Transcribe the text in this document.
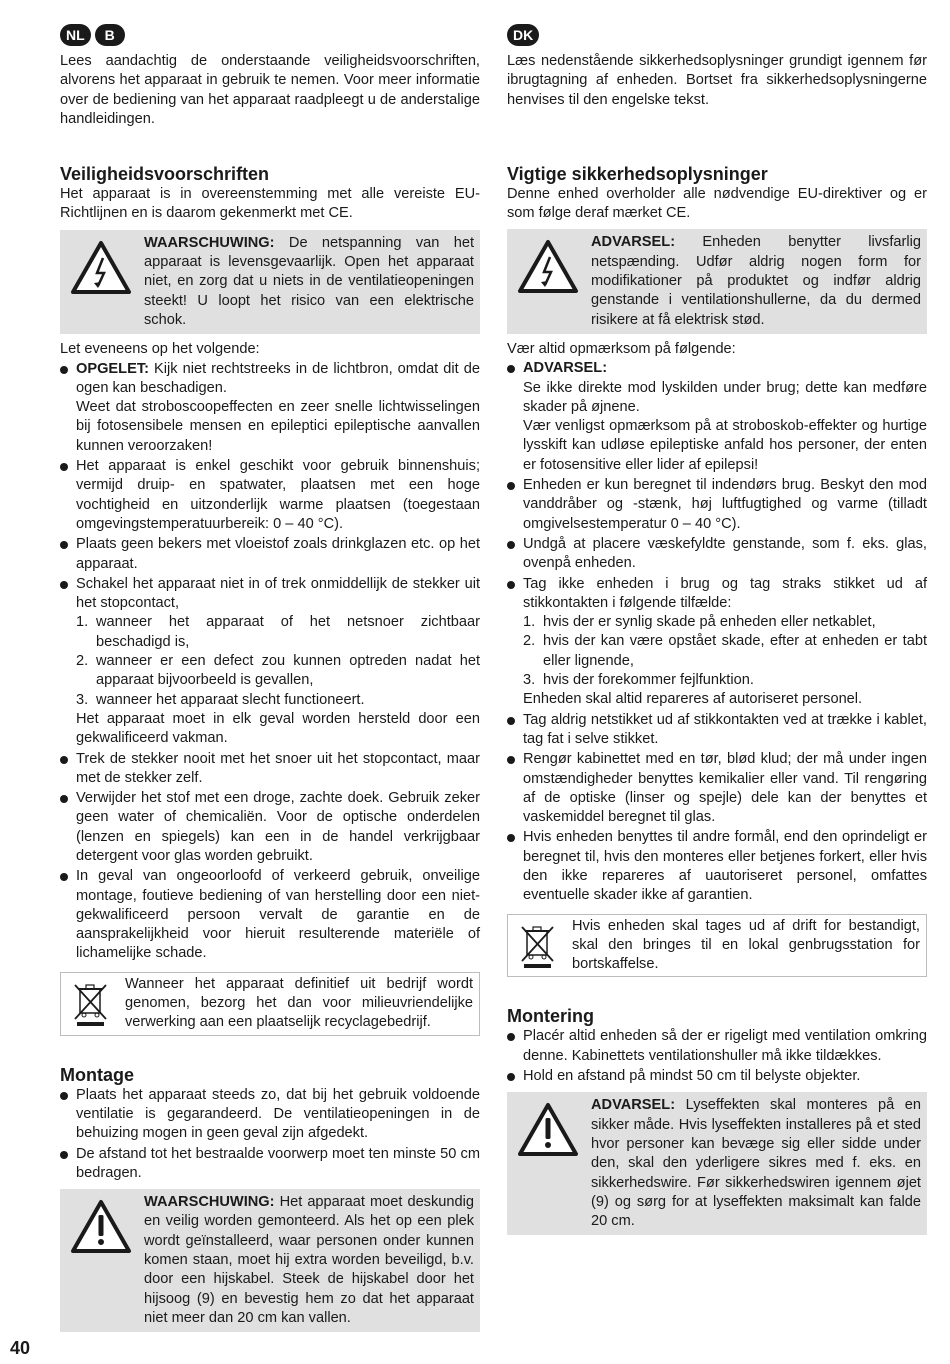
NL	B

Lees aandachtig de onderstaande veiligheidsvoorschriften, alvorens het apparaat in gebruik te nemen. Voor meer informatie over de bediening van het apparaat raadpleegt u de anderstalige handleidingen.

Veiligheidsvoorschriften

Het apparaat is in overeenstemming met alle vereiste EU-Richtlijnen en is daarom gekenmerkt met CE.

WAARSCHUWING: De netspanning van het apparaat is levensgevaarlijk. Open het apparaat niet, en zorg dat u niets in de ventilatieopeningen steekt! U loopt het risico van een elektrische schok.

Let eveneens op het volgende:

OPGELET: Kijk niet rechtstreeks in de lichtbron, omdat dit de ogen kan beschadigen.

Weet dat stroboscoopeffecten en zeer snelle lichtwisselingen bij fotosensibele mensen en epileptici epileptische aanvallen kunnen veroorzaken!

Het apparaat is enkel geschikt voor gebruik binnenshuis; vermijd druip- en spatwater, plaatsen met een hoge vochtigheid en uitzonderlijk warme plaatsen (toegestaan omgevingstemperatuurbereik: 0 – 40 °C).
Plaats geen bekers met vloeistof zoals drinkglazen etc. op het apparaat.

Schakel het apparaat niet in of trek onmiddellijk de stekker uit het stopcontact,

1. wanneer het apparaat of het netsnoer zichtbaar beschadigd is,
2. wanneer er een defect zou kunnen optreden nadat het apparaat bijvoorbeeld is gevallen,
3. wanneer het apparaat slecht functioneert.

Het apparaat moet in elk geval worden hersteld door een gekwalificeerd vakman.

Trek de stekker nooit met het snoer uit het stopcontact, maar met de stekker zelf.
Verwijder het stof met een droge, zachte doek. Gebruik zeker geen water of chemicaliën. Voor de optische onderdelen (lenzen en spiegels) kan een in de handel verkrijgbaar detergent voor glas worden gebruikt.
In geval van ongeoorloofd of verkeerd gebruik, onveilige montage, foutieve bediening of van herstelling door een niet-gekwalificeerd persoon vervalt de garantie en de aansprakelijkheid voor hieruit resulterende materiële of lichamelijke schade.

Wanneer het apparaat definitief uit bedrijf wordt genomen, bezorg het dan voor milieuvriendelijke verwerking aan een plaatselijk recyclagebedrijf.

Montage
Plaats het apparaat steeds zo, dat bij het gebruik voldoende ventilatie is gegarandeerd. De ventilatieopeningen in de behuizing mogen in geen geval zijn afgedekt.
De afstand tot het bestraalde voorwerp moet ten minste 50 cm bedragen.

WAARSCHUWING: Het apparaat moet deskundig en veilig worden gemonteerd. Als het op een plek wordt geïnstalleerd, waar personen onder kunnen komen staan, moet hij extra worden beveiligd, b.v. door een hijskabel. Steek de hijskabel door het hijsoog (9) en bevestig hem zo dat het apparaat niet meer dan 20 cm kan vallen.

DK

Læs nedenstående sikkerhedsoplysninger grundigt igennem før ibrugtagning af enheden. Bortset fra sikkerhedsoplysningerne henvises til den engelske tekst.

Vigtige sikkerhedsoplysninger

Denne enhed overholder alle nødvendige EU-direktiver og er som følge deraf mærket CE.

ADVARSEL: Enheden benytter livsfarlig netspænding. Udfør aldrig nogen form for modifikationer på produktet og indfør aldrig genstande i ventilationshullerne, da du dermed risikere at få elektrisk stød.

Vær altid opmærksom på følgende:

ADVARSEL:

Se ikke direkte mod lyskilden under brug; dette kan medføre skader på øjnene.

Vær venligst opmærksom på at stroboskob-effekter og hurtige lysskift kan udløse epileptiske anfald hos personer, der enten er fotosensitive eller lider af epilepsi!

Enheden er kun beregnet til indendørs brug. Beskyt den mod vanddråber og -stænk, høj luftfugtighed og varme (tilladt omgivelsestemperatur 0 – 40 °C).
Undgå at placere væskefyldte genstande, som f. eks. glas, ovenpå enheden.

Tag ikke enheden i brug og tag straks stikket ud af stikkontakten i følgende tilfælde:

1. hvis der er synlig skade på enheden eller netkablet,
2. hvis der kan være opstået skade, efter at enheden er tabt eller lignende,
3. hvis der forekommer fejlfunktion.

Enheden skal altid repareres af autoriseret personel.

Tag aldrig netstikket ud af stikkontakten ved at trække i kablet, tag fat i selve stikket.
Rengør kabinettet med en tør, blød klud; der må under ingen omstændigheder benyttes kemikalier eller vand. Til rengøring af de optiske (linser og spejle) dele kan der benyttes et vaskemiddel beregnet til glas.
Hvis enheden benyttes til andre formål, end den oprindeligt er beregnet til, hvis den monteres eller betjenes forkert, eller hvis den ikke repareres af uautoriseret personel, omfattes eventuelle skader ikke af garantien.

Hvis enheden skal tages ud af drift for bestandigt, skal den bringes til en lokal genbrugsstation for bortskaffelse.

Montering
Placér altid enheden så der er rigeligt med ventilation omkring denne. Kabinettets ventilationshuller må ikke tildækkes.
Hold en afstand på mindst 50 cm til belyste objekter.

ADVARSEL: Lyseffekten skal monteres på en sikker måde. Hvis lyseffekten installeres på et sted hvor personer kan bevæge sig eller sidde under den, skal den yderligere sikres med f. eks. en sikkerhedswire. Før sikkerhedswiren igennem øjet (9) og sørg for at lyseffekten maksimalt kan falde 20 cm.

40
